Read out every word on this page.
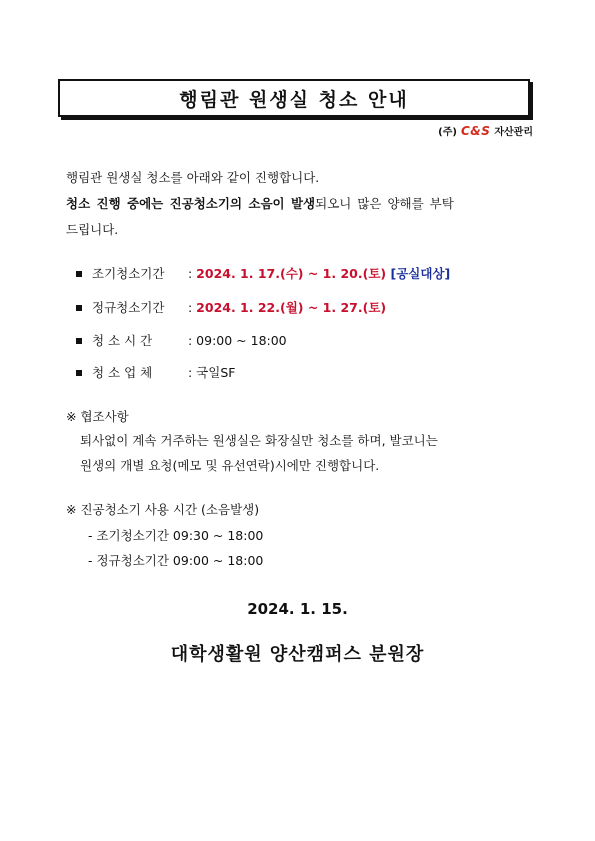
행림관 원생실 청소 안내
(주) C&S 자산관리
행림관 원생실 청소를 아래와 같이 진행합니다.
청소 진행 중에는 진공청소기의 소음이 발생되오니 많은 양해를 부탁
드립니다.
조기청소기간 : 2024. 1. 17.(수) ~ 1. 20.(토) [공실대상]
정규청소기간 : 2024. 1. 22.(월) ~ 1. 27.(토)
청 소 시 간	: 09:00 ~ 18:00
청 소 업 체	: 국일SF
※ 협조사항
퇴사없이 계속 거주하는 원생실은 화장실만 청소를 하며, 발코니는
원생의 개별 요청(메모 및 유선연락)시에만 진행합니다.
※ 진공청소기 사용 시간 (소음발생)
- 조기청소기간 09:30 ~ 18:00
- 정규청소기간 09:00 ~ 18:00
2024. 1. 15.
대학생활원 양산캠퍼스 분원장
